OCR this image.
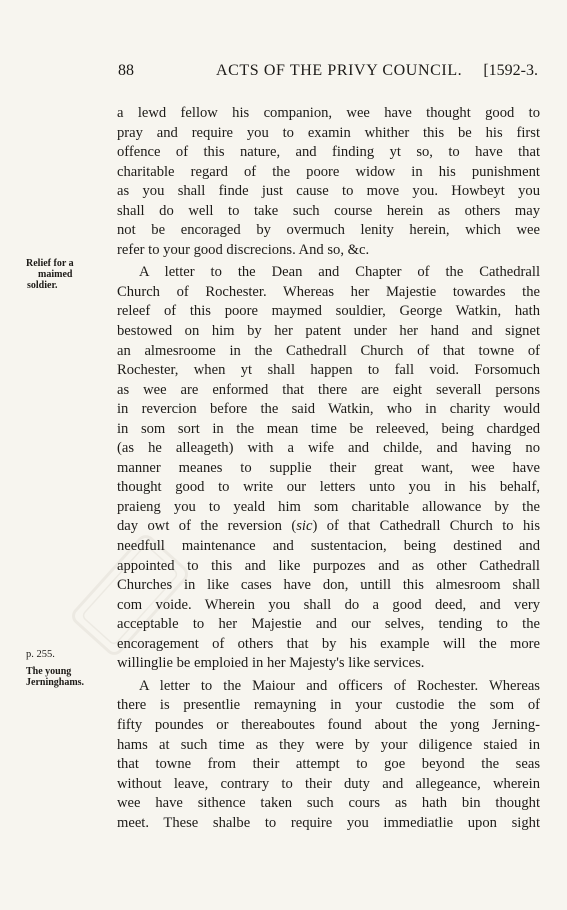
88	ACTS OF THE PRIVY COUNCIL. [1592-3.
Relief for a
maimed
soldier.
p. 255.
The young
Jerninghams.
a lewd fellow his companion, wee have thought good to
pray and require you to examin whither this be his first
offence of this nature, and finding yt so, to have that
charitable regard of the poore widow in his punishment
as you shall finde just cause to move you. Howbeyt you
shall do well to take such course herein as others may
not be encoraged by overmuch lenity herein, which wee
refer to your good discrecions. And so, &c.
A letter to the Dean and Chapter of the Cathedrall
Church of Rochester. Whereas her Majestie towardes the
releef of this poore maymed souldier, George Watkin, hath
bestowed on him by her patent under her hand and signet
an almesroome in the Cathedrall Church of that towne of
Rochester, when yt shall happen to fall void. Forsomuch
as wee are enformed that there are eight severall persons
in revercion before the said Watkin, who in charity would
in som sort in the mean time be releeved, being chardged
(as he alleageth) with a wife and childe, and having no
manner meanes to supplie their great want, wee have
thought good to write our letters unto you in his behalf,
praieng you to yeald him som charitable allowance by the
day owt of the reversion (sic) of that Cathedrall Church to his
needfull maintenance and sustentacion, being destined and
appointed to this and like purpozes and as other Cathedrall
Churches in like cases have don, untill this almesroom shall
com voide. Wherein you shall do a good deed, and very
acceptable to her Majestie and our selves, tending to the
encoragement of others that by his example will the more
willinglie be emploied in her Majesty's like services.
A letter to the Maiour and officers of Rochester. Whereas
there is presentlie remayning in your custodie the som of
fifty poundes or thereaboutes found about the yong Jerning-
hams at such time as they were by your diligence staied in
that towne from their attempt to goe beyond the seas
without leave, contrary to their duty and allegeance, wherein
wee have sithence taken such cours as hath bin thought
meet. These shalbe to require you immediatlie upon sight
